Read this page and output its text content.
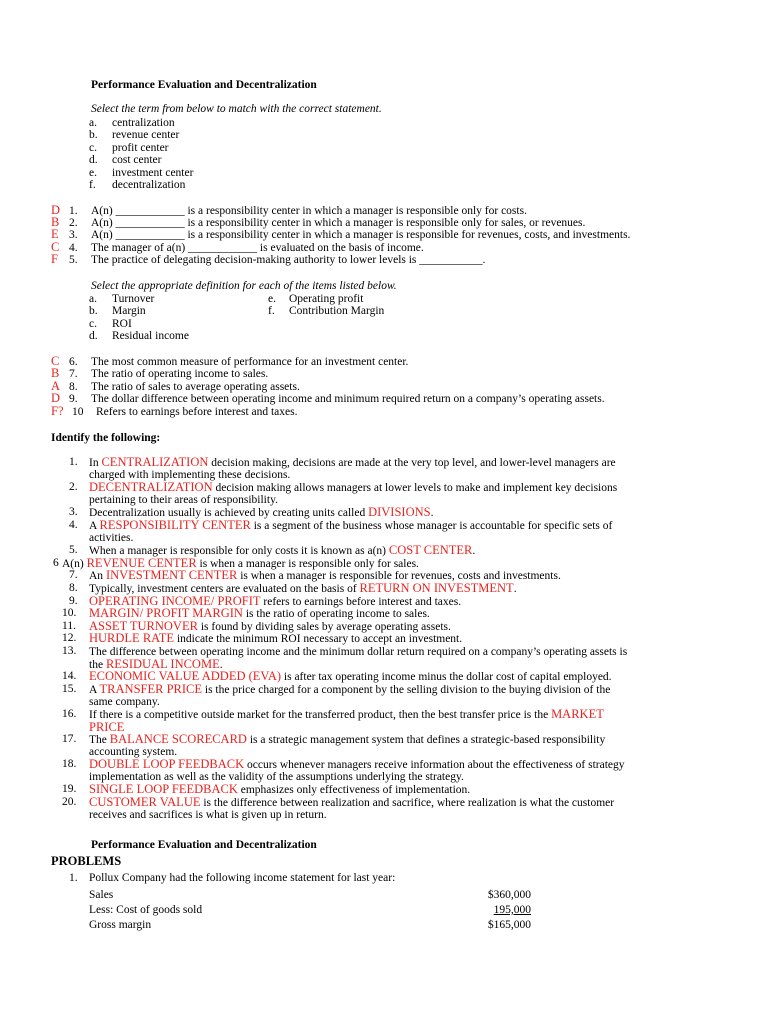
Performance Evaluation and Decentralization
Select the term from below to match with the correct statement.
a. centralization
b. revenue center
c. profit center
d. cost center
e. investment center
f. decentralization
D 1. A(n) ____________ is a responsibility center in which a manager is responsible only for costs.
B 2. A(n) ____________ is a responsibility center in which a manager is responsible only for sales, or revenues.
E 3. A(n) ____________ is a responsibility center in which a manager is responsible for revenues, costs, and investments.
C 4. The manager of a(n) ____________ is evaluated on the basis of income.
F 5. The practice of delegating decision-making authority to lower levels is ___________.
Select the appropriate definition for each of the items listed below.
a. Turnover
b. Margin
c. ROI
d. Residual income
e. Operating profit
f. Contribution Margin
C 6. The most common measure of performance for an investment center.
B 7. The ratio of operating income to sales.
A 8. The ratio of sales to average operating assets.
D 9. The dollar difference between operating income and minimum required return on a company’s operating assets.
F? 10 Refers to earnings before interest and taxes.
Identify the following:
1. In CENTRALIZATION decision making, decisions are made at the very top level, and lower-level managers are
charged with implementing these decisions.
2. DECENTRALIZATION decision making allows managers at lower levels to make and implement key decisions
pertaining to their areas of responsibility.
3. Decentralization usually is achieved by creating units called DIVISIONS.
4. A RESPONSIBILITY CENTER is a segment of the business whose manager is accountable for specific sets of
activities.
5. When a manager is responsible for only costs it is known as a(n) COST CENTER.
6 A(n) REVENUE CENTER is when a manager is responsible only for sales.
7. An INVESTMENT CENTER is when a manager is responsible for revenues, costs and investments.
8. Typically, investment centers are evaluated on the basis of RETURN ON INVESTMENT.
9. OPERATING INCOME/ PROFIT refers to earnings before interest and taxes.
10. MARGIN/ PROFIT MARGIN is the ratio of operating income to sales.
11. ASSET TURNOVER is found by dividing sales by average operating assets.
12. HURDLE RATE indicate the minimum ROI necessary to accept an investment.
13. The difference between operating income and the minimum dollar return required on a company’s operating assets is
the RESIDUAL INCOME.
14. ECONOMIC VALUE ADDED (EVA) is after tax operating income minus the dollar cost of capital employed.
15. A TRANSFER PRICE is the price charged for a component by the selling division to the buying division of the
same company.
16. If there is a competitive outside market for the transferred product, then the best transfer price is the MARKET
PRICE
17. The BALANCE SCORECARD is a strategic management system that defines a strategic-based responsibility
accounting system.
18. DOUBLE LOOP FEEDBACK occurs whenever managers receive information about the effectiveness of strategy
implementation as well as the validity of the assumptions underlying the strategy.
19. SINGLE LOOP FEEDBACK emphasizes only effectiveness of implementation.
20. CUSTOMER VALUE is the difference between realization and sacrifice, where realization is what the customer
receives and sacrifices is what is given up in return.
Performance Evaluation and Decentralization
PROBLEMS
1. Pollux Company had the following income statement for last year:
Sales	$360,000
Less: Cost of goods sold	195,000
Gross margin	$165,000
